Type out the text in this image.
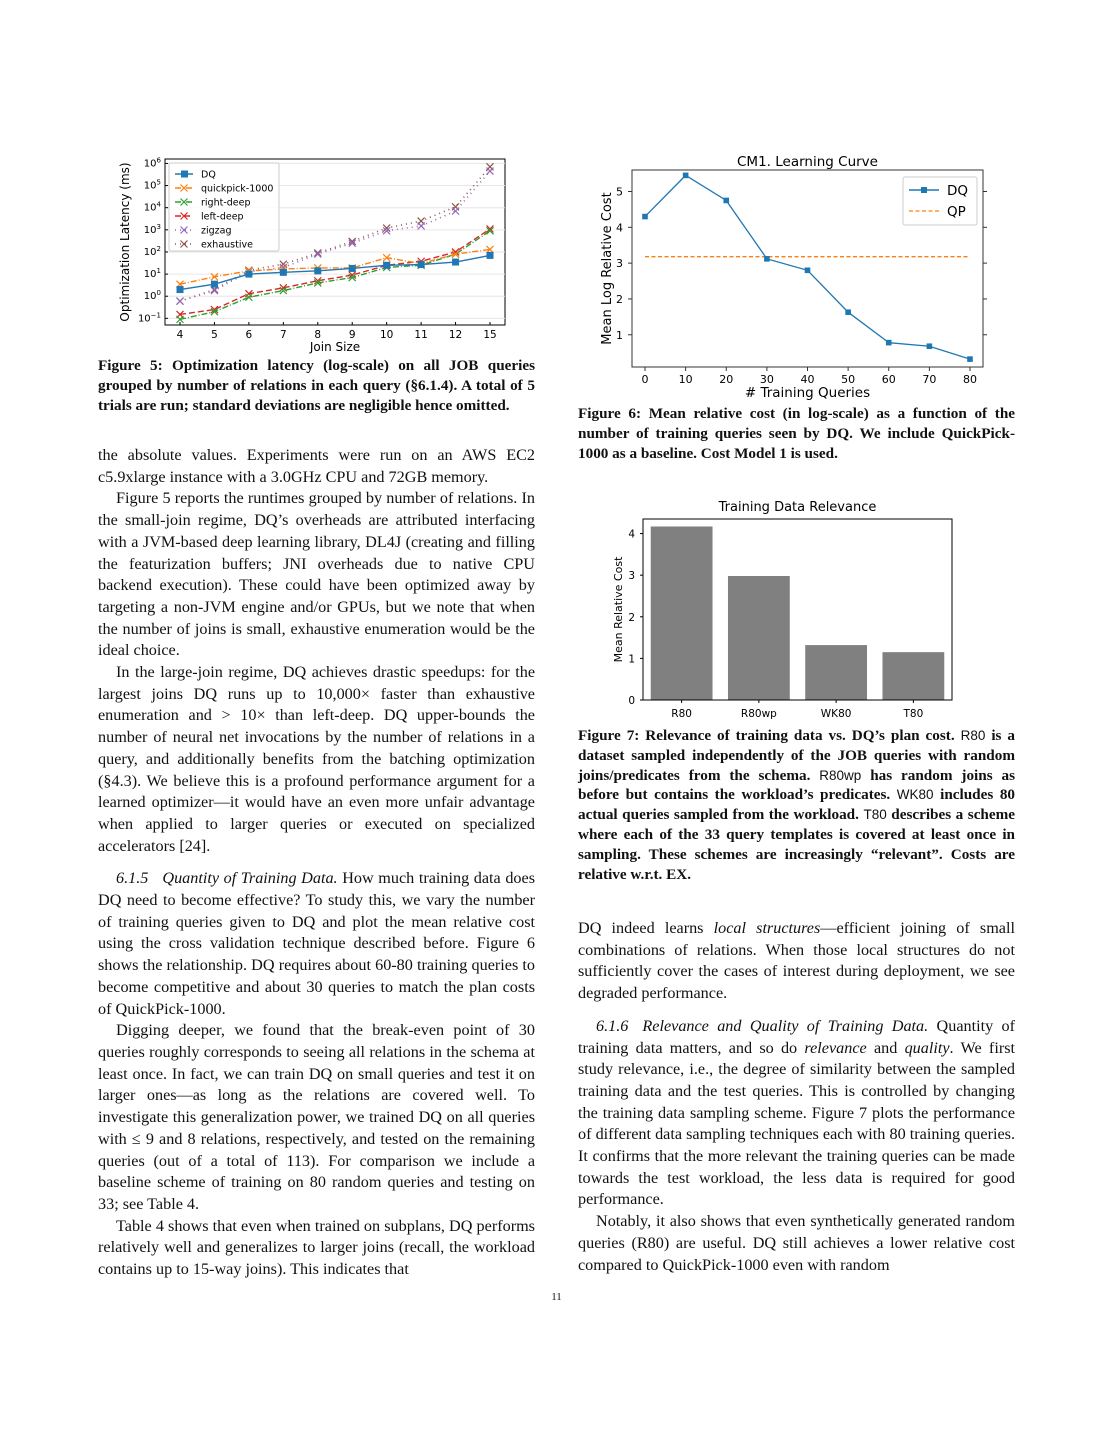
$10^{-1}$
$10^0$
$10^1$
$10^2$
$10^3$
$10^4$
$10^5$
$10^6$
4	5	6	7	8	9 10 11 12 15
Join Size
Optimization Latency (ms)	DQ
quickpick-1000
right-deep
left-deep
zigzag
exhaustive

Figure 5: Optimization latency (log-scale) on all JOB queries grouped by number of relations in each query (§6.1.4). A total of 5 trials are run; standard deviations are negligible hence omitted.

the absolute values. Experiments were run on an AWS EC2 c5.9xlarge instance with a 3.0GHz CPU and 72GB memory.

Figure 5 reports the runtimes grouped by number of relations. In the small-join regime, DQ’s overheads are attributed interfacing with a JVM-based deep learning library, DL4J (creating and filling the featurization buffers; JNI overheads due to native CPU backend execution). These could have been optimized away by targeting a non-JVM engine and/or GPUs, but we note that when the number of joins is small, exhaustive enumeration would be the ideal choice.

In the large-join regime, DQ achieves drastic speedups: for the largest joins DQ runs up to 10,000× faster than exhaustive enumeration and > 10× than left-deep. DQ upper-bounds the number of neural net invocations by the number of relations in a query, and additionally benefits from the batching optimization (§4.3). We believe this is a profound performance argument for a learned optimizer—it would have an even more unfair advantage when applied to larger queries or executed on specialized accelerators [24].

6.1.5 Quantity of Training Data. How much training data does DQ need to become effective? To study this, we vary the number of training queries given to DQ and plot the mean relative cost using the cross validation technique described before. Figure 6 shows the relationship. DQ requires about 60-80 training queries to become competitive and about 30 queries to match the plan costs of QuickPick-1000.

Digging deeper, we found that the break-even point of 30 queries roughly corresponds to seeing all relations in the schema at least once. In fact, we can train DQ on small queries and test it on larger ones—as long as the relations are covered well. To investigate this generalization power, we trained DQ on all queries with ≤ 9 and 8 relations, respectively, and tested on the remaining queries (out of a total of 113). For comparison we include a baseline scheme of training on 80 random queries and testing on 33; see Table 4.

Table 4 shows that even when trained on subplans, DQ performs relatively well and generalizes to larger joins (recall, the workload contains up to 15-way joins). This indicates that

CM1. Learning Curve
1
2
3
4
5
0	10 20 30 40 50 60 70 80
# Training Queries
Mean Log Relative Cost
DQ
QP

Figure 6: Mean relative cost (in log-scale) as a function of the number of training queries seen by DQ. We include QuickPick-1000 as a baseline. Cost Model 1 is used.

Training Data Relevance
R80	R80wp	WK80	T80
0
1
2
3
4
Mean Relative Cost

Figure 7: Relevance of training data vs. DQ’s plan cost. R80 is a dataset sampled independently of the JOB queries with random joins/predicates from the schema. R80wp has random joins as before but contains the workload’s predicates. WK80 includes 80 actual queries sampled from the workload. T80 describes a scheme where each of the 33 query templates is covered at least once in sampling. These schemes are increasingly “relevant”. Costs are relative w.r.t. EX.

DQ indeed learns local structures—efficient joining of small combinations of relations. When those local structures do not sufficiently cover the cases of interest during deployment, we see degraded performance.

6.1.6 Relevance and Quality of Training Data. Quantity of training data matters, and so do relevance and quality. We first study relevance, i.e., the degree of similarity between the sampled training data and the test queries. This is controlled by changing the training data sampling scheme. Figure 7 plots the performance of different data sampling techniques each with 80 training queries. It confirms that the more relevant the training queries can be made towards the test workload, the less data is required for good performance.

Notably, it also shows that even synthetically generated random queries (R80) are useful. DQ still achieves a lower relative cost compared to QuickPick-1000 even with random

11
